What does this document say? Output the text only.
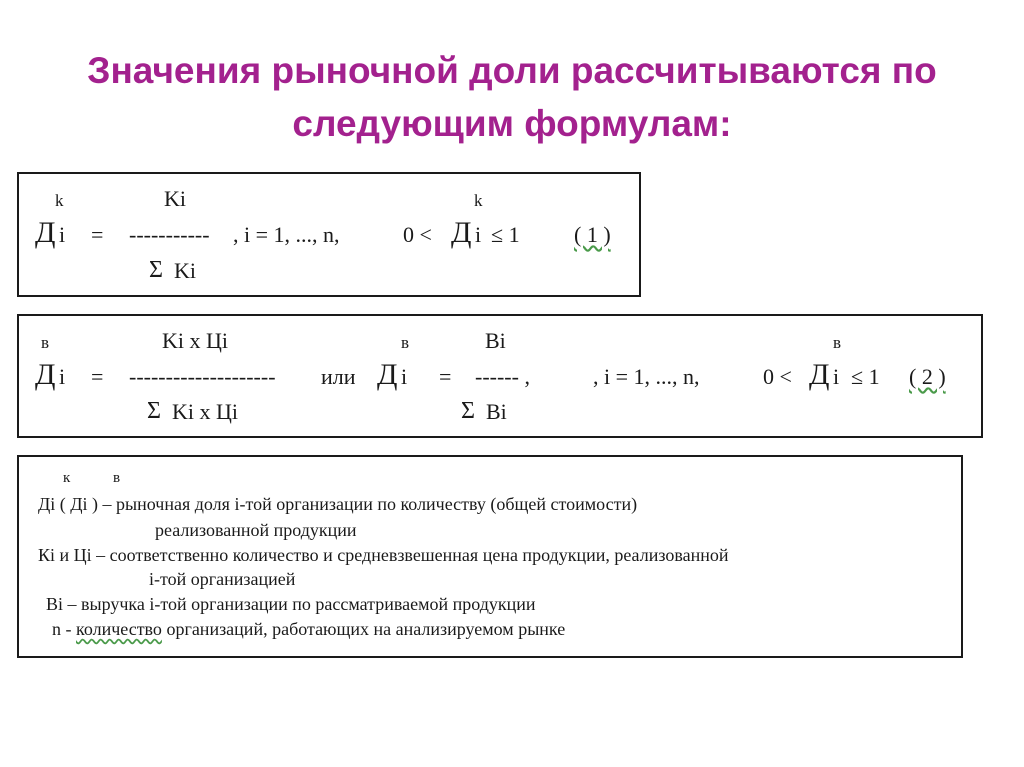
Значения рыночной доли рассчитываются по
следующим формулам:
k	Ki	k
Д i = ----------- , i = 1, ..., n,	0 < Д i ≤ 1 ( 1 )
Σ Ki
в	Ki х Цi	в	Вi	в
Д i = -------------------- или Д i = ------ ,	, i = 1, ..., n,	0 < Д i ≤ 1 ( 2 )
Σ Ki х Цi	Σ Вi
к	в
Дi ( Дi ) – рыночная доля i-той организации по количеству (общей стоимости)
реализованной продукции
Кi и Цi – соответственно количество и средневзвешенная цена продукции, реализованной
i-той организацией
Вi – выручка i-той организации по рассматриваемой продукции
n - количество организаций, работающих на анализируемом рынке
